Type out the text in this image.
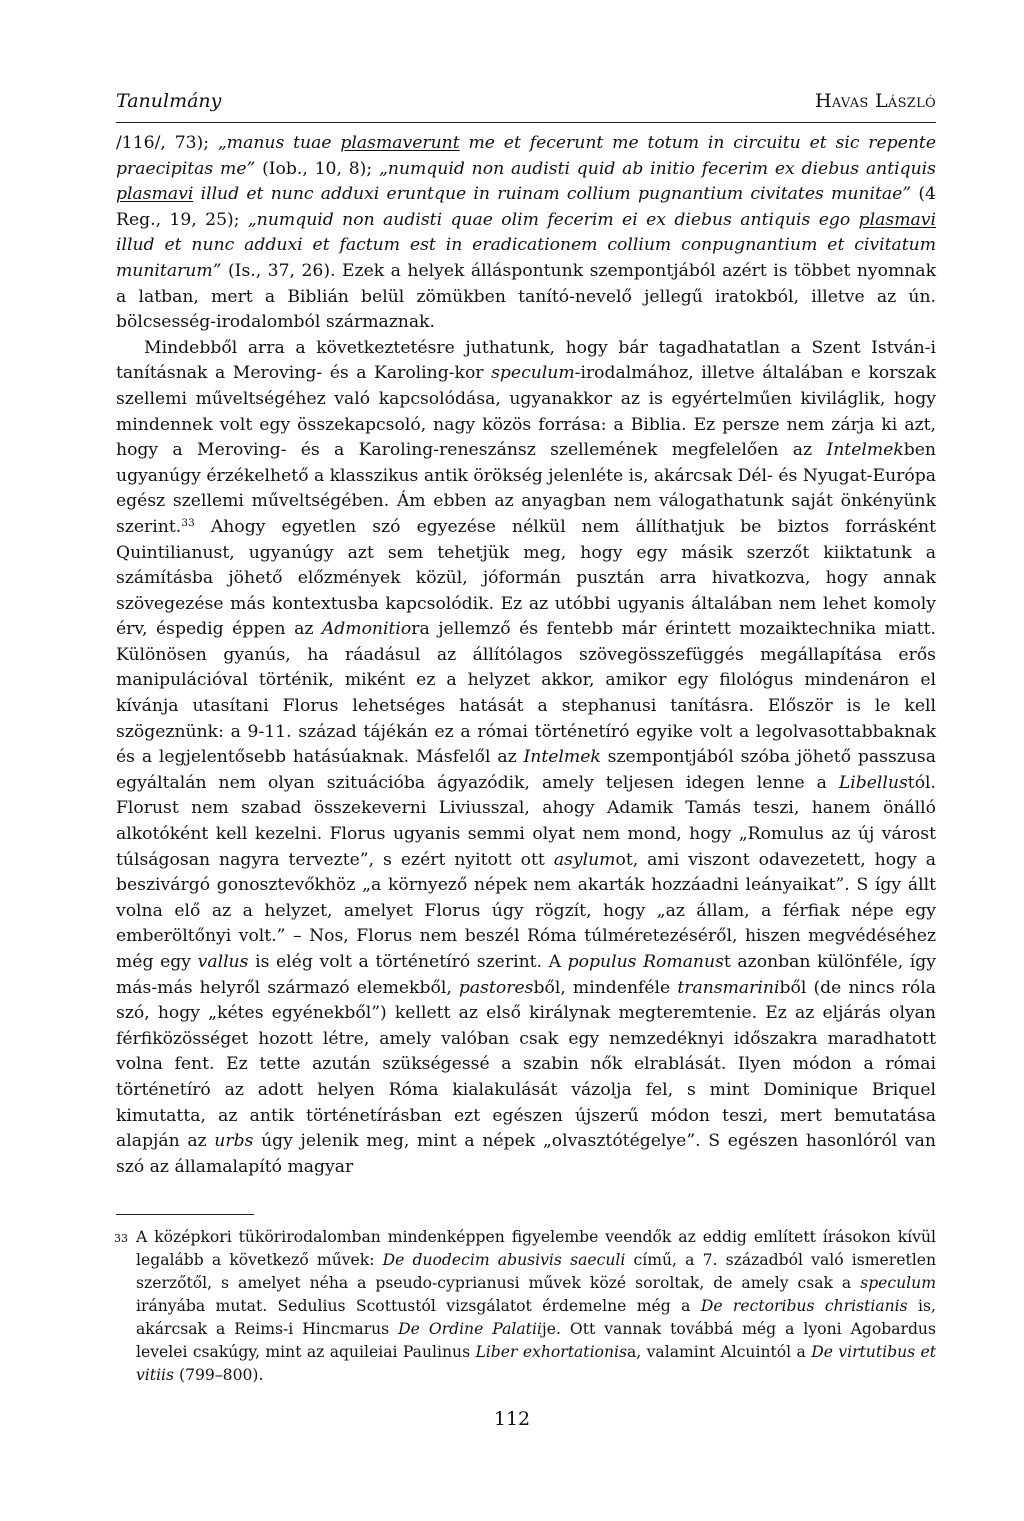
Tanulmány	Havas László

/116/, 73); „manus tuae plasmaverunt me et fecerunt me totum in circuitu et sic repente praecipitas me” (Iob., 10, 8); „numquid non audisti quid ab initio fecerim ex diebus antiquis plasmavi illud et nunc adduxi eruntque in ruinam collium pugnantium civitates munitae” (4 Reg., 19, 25); „numquid non audisti quae olim fecerim ei ex diebus antiquis ego plasmavi illud et nunc adduxi et factum est in eradicationem collium conpugnantium et civitatum munitarum” (Is., 37, 26). Ezek a helyek álláspontunk szempontjából azért is többet nyomnak a latban, mert a Biblián belül zömükben tanító-nevelő jellegű iratokból, illetve az ún. bölcsesség-irodalomból származnak.

Mindebből arra a következtetésre juthatunk, hogy bár tagadhatatlan a Szent István-i tanításnak a Meroving- és a Karoling-kor speculum-irodalmához, illetve általában e korszak szellemi műveltségéhez való kapcsolódása, ugyanakkor az is egyértelműen kiviláglik, hogy mindennek volt egy összekapcsoló, nagy közös forrása: a Biblia. Ez persze nem zárja ki azt, hogy a Meroving- és a Karoling-reneszánsz szellemének megfelelően az Intelmekben ugyanúgy érzékelhető a klasszikus antik örökség jelenléte is, akárcsak Dél- és Nyugat-Európa egész szellemi műveltségében. Ám ebben az anyagban nem válogathatunk saját önkényünk szerint.$^{33}$ Ahogy egyetlen szó egyezése nélkül nem állíthatjuk be biztos forrásként Quintilianust, ugyanúgy azt sem tehetjük meg, hogy egy másik szerzőt kiiktatunk a számításba jöhető előzmények közül, jóformán pusztán arra hivatkozva, hogy annak szövegezése más kontextusba kapcsolódik. Ez az utóbbi ugyanis általában nem lehet komoly érv, éspedig éppen az Admonitiora jellemző és fentebb már érintett mozaiktechnika miatt. Különösen gyanús, ha ráadásul az állítólagos szövegösszefüggés megállapítása erős manipulációval történik, miként ez a helyzet akkor, amikor egy filológus mindenáron el kívánja utasítani Florus lehetséges hatását a stephanusi tanításra. Először is le kell szögeznünk: a 9-11. század tájékán ez a római történetíró egyike volt a legolvasottabbaknak és a legjelentősebb hatásúaknak. Másfelől az Intelmek szempontjából szóba jöhető passzusa egyáltalán nem olyan szituációba ágyazódik, amely teljesen idegen lenne a Libellustól. Florust nem szabad összekeverni Liviusszal, ahogy Adamik Tamás teszi, hanem önálló alkotóként kell kezelni. Florus ugyanis semmi olyat nem mond, hogy „Romulus az új várost túlságosan nagyra tervezte”, s ezért nyitott ott asylumot, ami viszont odavezetett, hogy a beszivárgó gonosztevőkhöz „a környező népek nem akarták hozzáadni leányaikat”. S így állt volna elő az a helyzet, amelyet Florus úgy rögzít, hogy „az állam, a férfiak népe egy emberöltőnyi volt.” – Nos, Florus nem beszél Róma túlméretezéséről, hiszen megvédéséhez még egy vallus is elég volt a történetíró szerint. A populus Romanust azonban különféle, így más-más helyről származó elemekből, pastoresből, mindenféle transmariniből (de nincs róla szó, hogy „kétes egyénekből”) kellett az első királynak megteremtenie. Ez az eljárás olyan férfiközösséget hozott létre, amely valóban csak egy nemzedéknyi időszakra maradhatott volna fent. Ez tette azután szükségessé a szabin nők elrablását. Ilyen módon a római történetíró az adott helyen Róma kialakulását vázolja fel, s mint Dominique Briquel kimutatta, az antik történetírásban ezt egészen újszerű módon teszi, mert bemutatása alapján az urbs úgy jelenik meg, mint a népek „olvasztótégelye”. S egészen hasonlóról van szó az államalapító magyar

33 A középkori tükörirodalomban mindenképpen figyelembe veendők az eddig említett írásokon kívül legalább a következő művek: De duodecim abusivis saeculi című, a 7. századból való ismeretlen szerzőtől, s amelyet néha a pseudo-cyprianusi művek közé soroltak, de amely csak a speculum irányába mutat. Sedulius Scottustól vizsgálatot érdemelne még a De rectoribus christianis is, akárcsak a Reims-i Hincmarus De Ordine Palatiije. Ott vannak továbbá még a lyoni Agobardus levelei csakúgy, mint az aquileiai Paulinus Liber exhortationisa, valamint Alcuintól a De virtutibus et vitiis (799–800).
112
